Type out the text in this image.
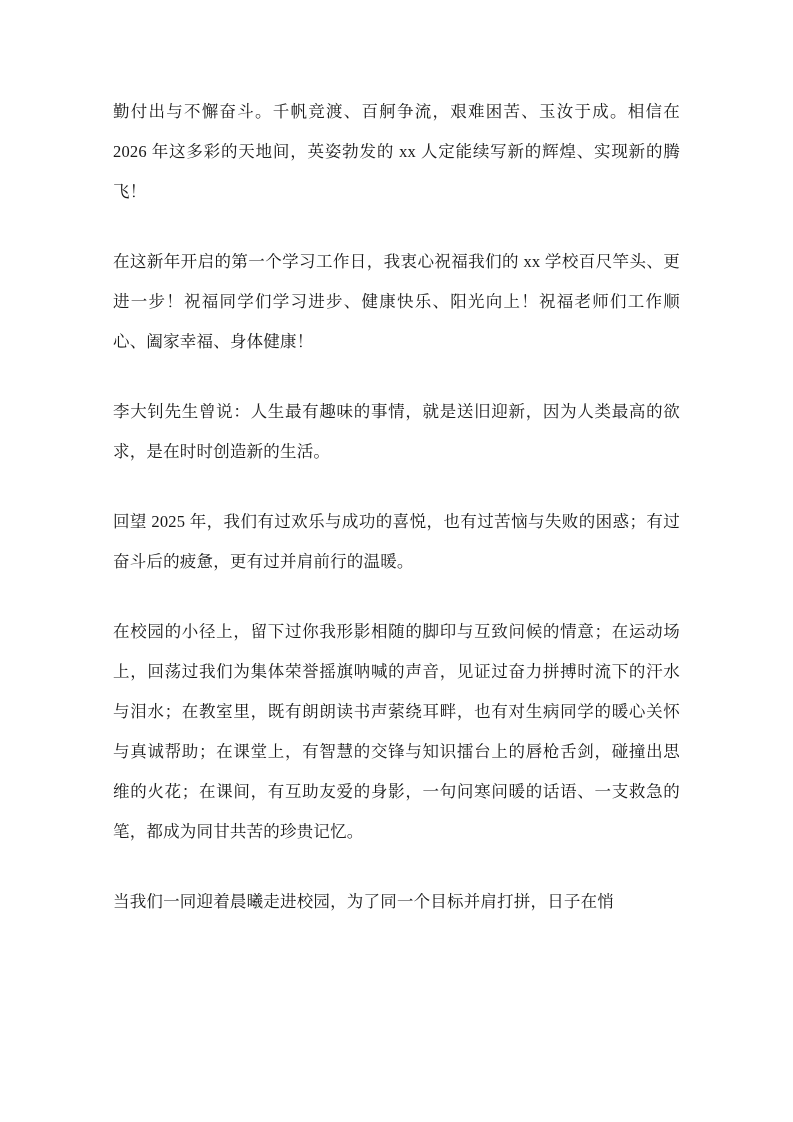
勤付出与不懈奋斗。千帆竞渡、百舸争流，艰难困苦、玉汝于成。相信在 2026 年这多彩的天地间，英姿勃发的 xx 人定能续写新的辉煌、实现新的腾飞！

在这新年开启的第一个学习工作日，我衷心祝福我们的 xx 学校百尺竿头、更进一步！祝福同学们学习进步、健康快乐、阳光向上！祝福老师们工作顺心、阖家幸福、身体健康！

李大钊先生曾说：人生最有趣味的事情，就是送旧迎新，因为人类最高的欲求，是在时时创造新的生活。

回望 2025 年，我们有过欢乐与成功的喜悦，也有过苦恼与失败的困惑；有过奋斗后的疲惫，更有过并肩前行的温暖。

在校园的小径上，留下过你我形影相随的脚印与互致问候的情意；在运动场上，回荡过我们为集体荣誉摇旗呐喊的声音，见证过奋力拼搏时流下的汗水与泪水；在教室里，既有朗朗读书声萦绕耳畔，也有对生病同学的暖心关怀与真诚帮助；在课堂上，有智慧的交锋与知识擂台上的唇枪舌剑，碰撞出思维的火花；在课间，有互助友爱的身影，一句问寒问暖的话语、一支救急的笔，都成为同甘共苦的珍贵记忆。

当我们一同迎着晨曦走进校园，为了同一个目标并肩打拼，日子在悄
